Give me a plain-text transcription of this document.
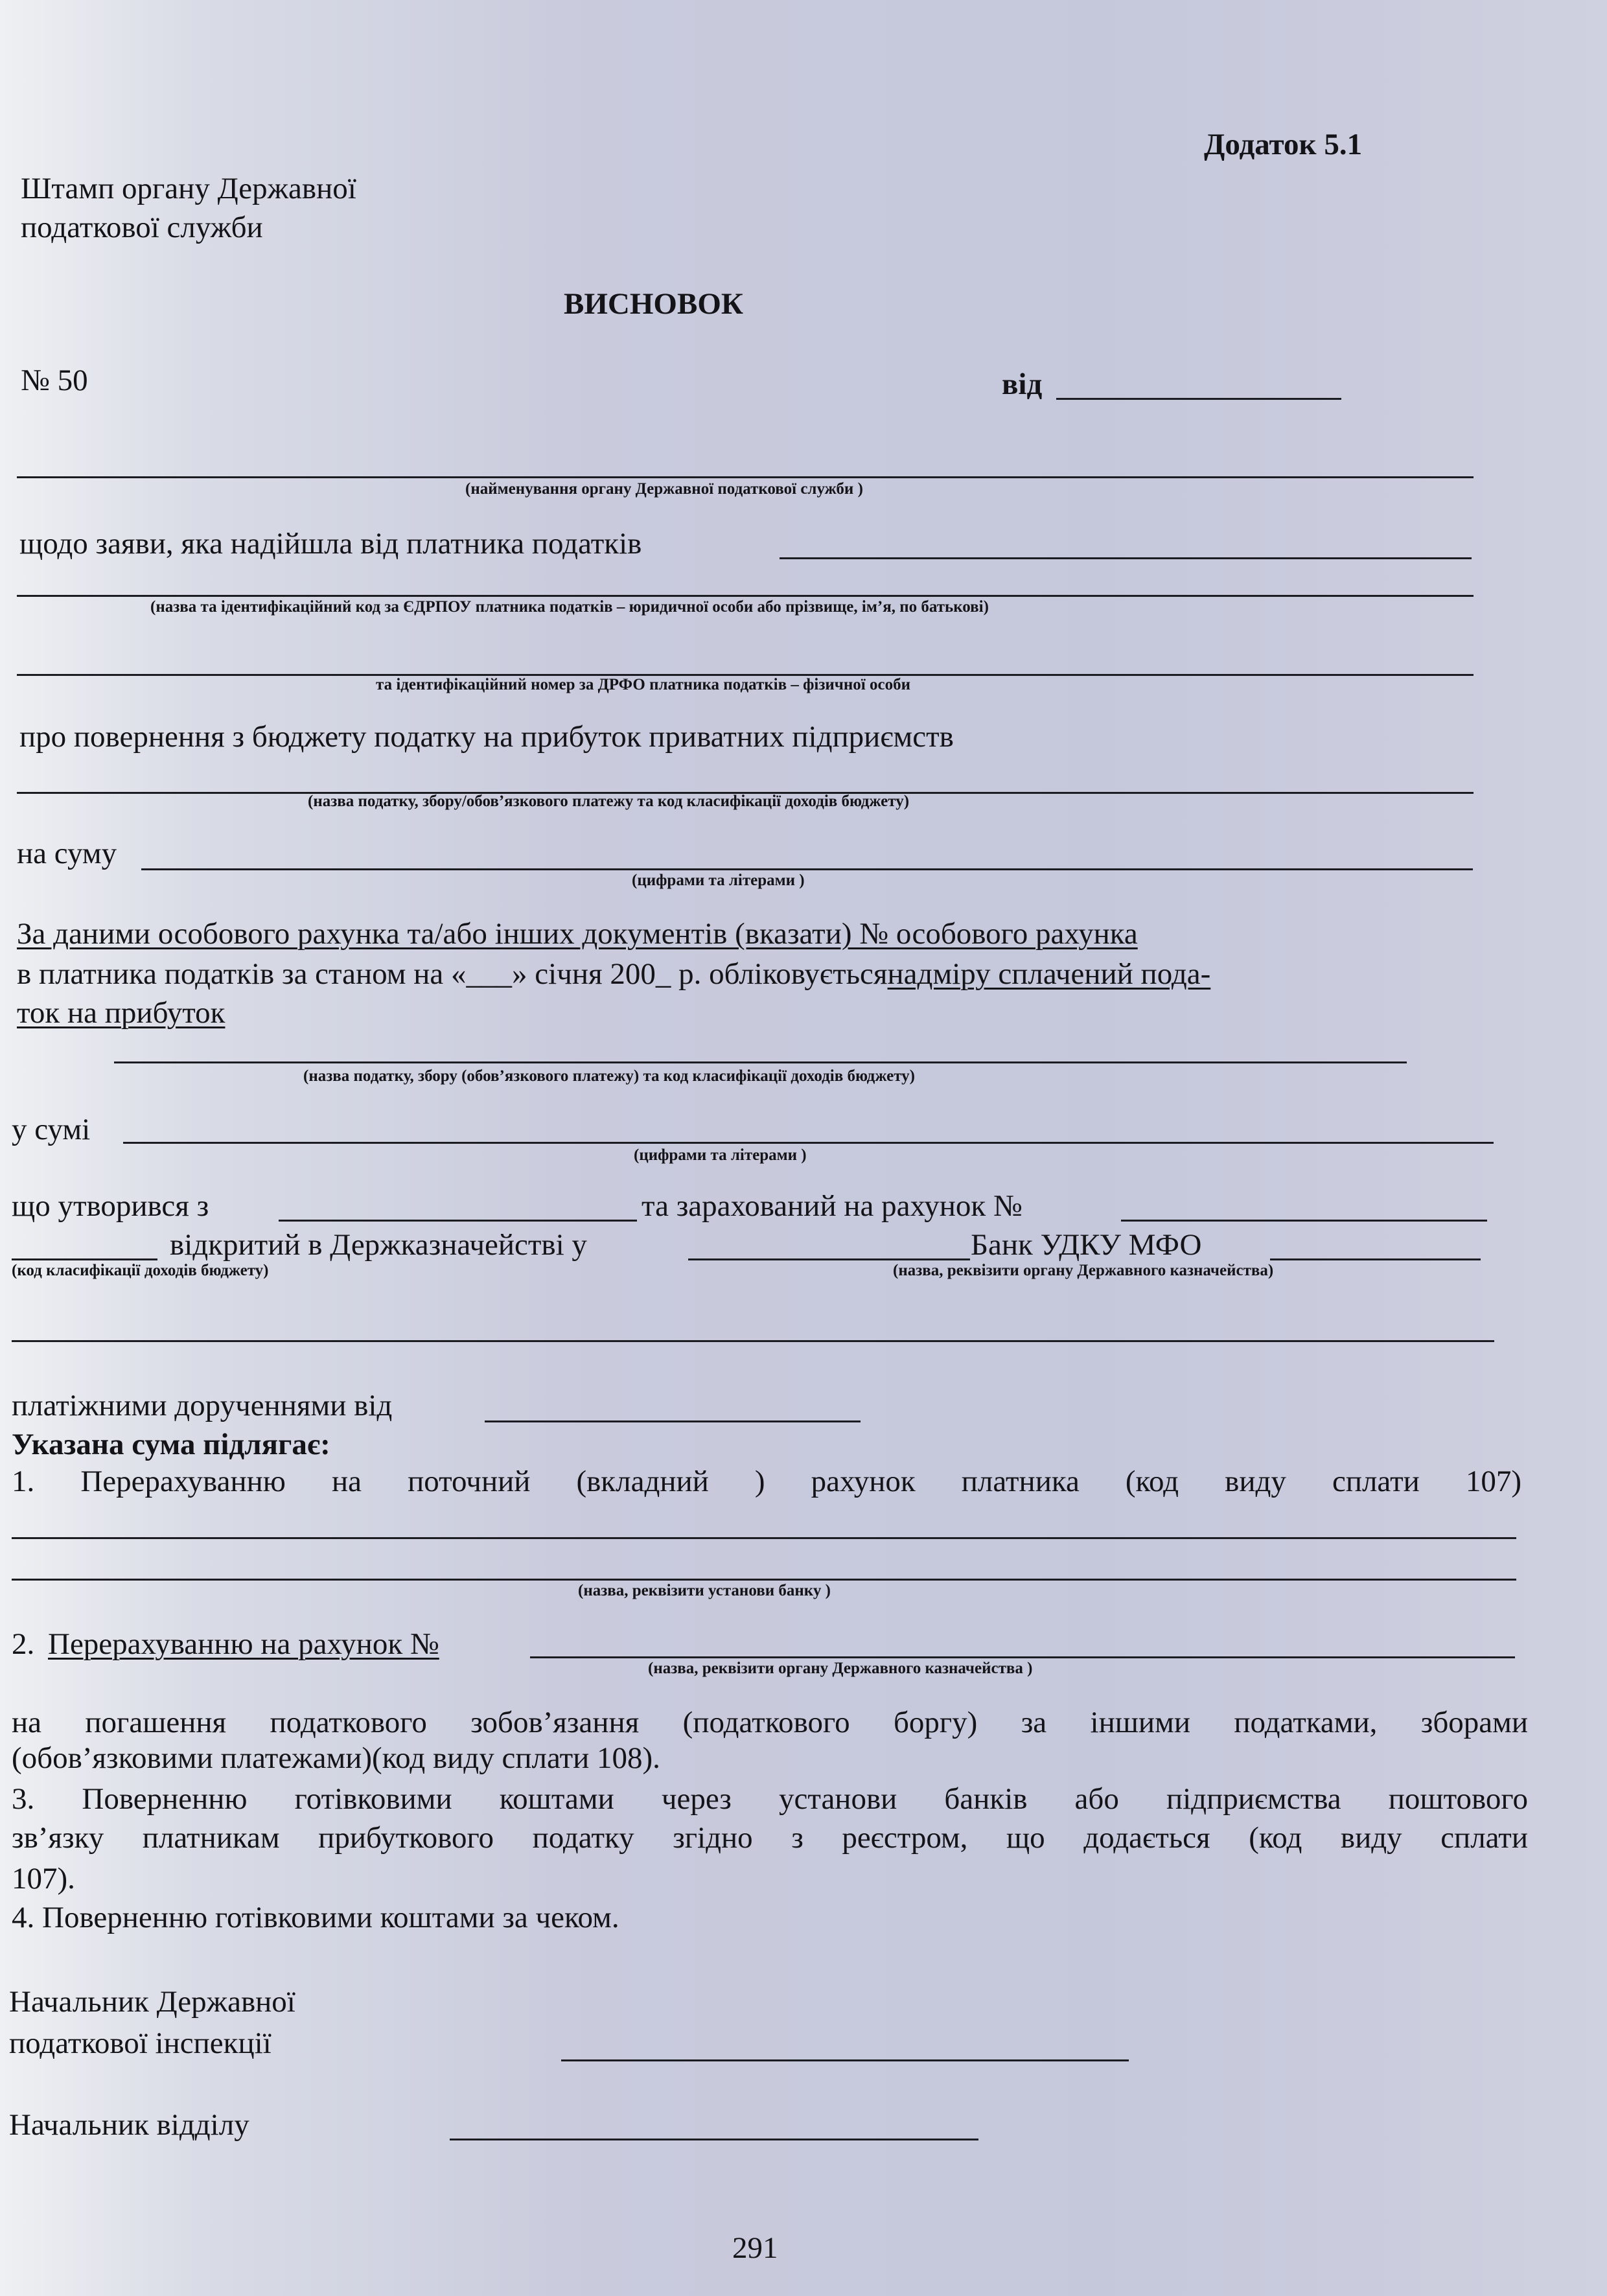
Додаток 5.1
Штамп органу Державної
податкової служби
ВИСНОВОК
№ 50	від
(найменування органу Державної податкової служби )
щодо заяви, яка надійшла від платника податків
(назва та ідентифікаційний код за ЄДРПОУ платника податків – юридичної особи або прізвище, ім’я, по батькові)
та ідентифікаційний номер за ДРФО платника податків – фізичної особи
про повернення з бюджету податку на прибуток приватних підприємств
(назва податку, збору/обов’язкового платежу та код класифікації доходів бюджету)
на суму
(цифрами та літерами )
За даними особового рахунка та/або інших документів (вказати) № особового рахунка
в платника податків за станом на «___» січня 200_ р. обліковуєтьсянадміру сплачений пода-
ток на прибуток
(назва податку, збору (обов’язкового платежу) та код класифікації доходів бюджету)
у сумі
(цифрами та літерами )
що утворився з	та зарахований на рахунок №
відкритий в Держказначействі у	Банк УДКУ МФО
(код класифікації доходів бюджету)	(назва, реквізити органу Державного казначейства)
платіжними дорученнями від
Указана сума підлягає:
1. Перерахуванню на поточний (вкладний ) рахунок платника (код виду сплати 107)
(назва, реквізити установи банку )
2. Перерахуванню на рахунок №
(назва, реквізити органу Державного казначейства )
на погашення податкового зобов’язання (податкового боргу) за іншими податками, зборами
(обов’язковими платежами)(код виду сплати 108).
3. Поверненню готівковими коштами через установи банків або підприємства поштового
зв’язку платникам прибуткового податку згідно з реєстром, що додається (код виду сплати
107).
4. Поверненню готівковими коштами за чеком.
Начальник Державної
податкової інспекції
Начальник відділу
291
